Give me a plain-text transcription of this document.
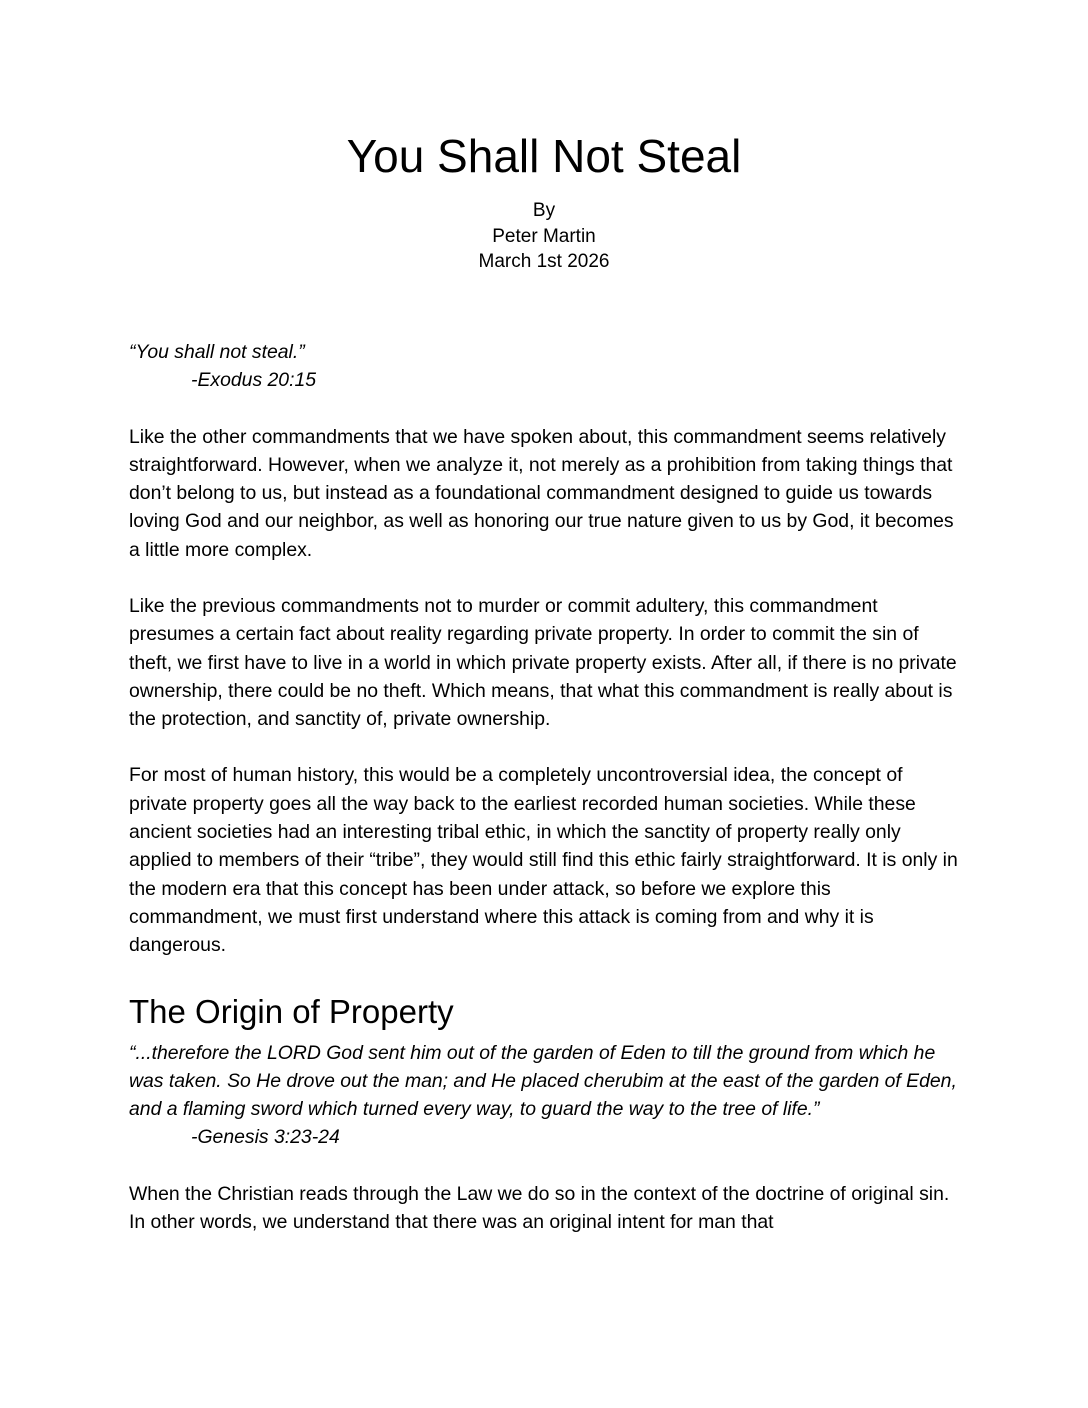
You Shall Not Steal
By
Peter Martin
March 1st 2026
“You shall not steal.”
-Exodus 20:15

Like the other commandments that we have spoken about, this commandment seems relatively straightforward. However, when we analyze it, not merely as a prohibition from taking things that don’t belong to us, but instead as a foundational commandment designed to guide us towards loving God and our neighbor, as well as honoring our true nature given to us by God, it becomes a little more complex.

Like the previous commandments not to murder or commit adultery, this commandment presumes a certain fact about reality regarding private property. In order to commit the sin of theft, we first have to live in a world in which private property exists. After all, if there is no private ownership, there could be no theft. Which means, that what this commandment is really about is the protection, and sanctity of, private ownership.

For most of human history, this would be a completely uncontroversial idea, the concept of private property goes all the way back to the earliest recorded human societies. While these ancient societies had an interesting tribal ethic, in which the sanctity of property really only applied to members of their “tribe”, they would still find this ethic fairly straightforward. It is only in the modern era that this concept has been under attack, so before we explore this commandment, we must first understand where this attack is coming from and why it is dangerous.

The Origin of Property
“...therefore the LORD God sent him out of the garden of Eden to till the ground from which he was taken. So He drove out the man; and He placed cherubim at the east of the garden of Eden, and a flaming sword which turned every way, to guard the way to the tree of life.”
-Genesis 3:23-24

When the Christian reads through the Law we do so in the context of the doctrine of original sin. In other words, we understand that there was an original intent for man that
